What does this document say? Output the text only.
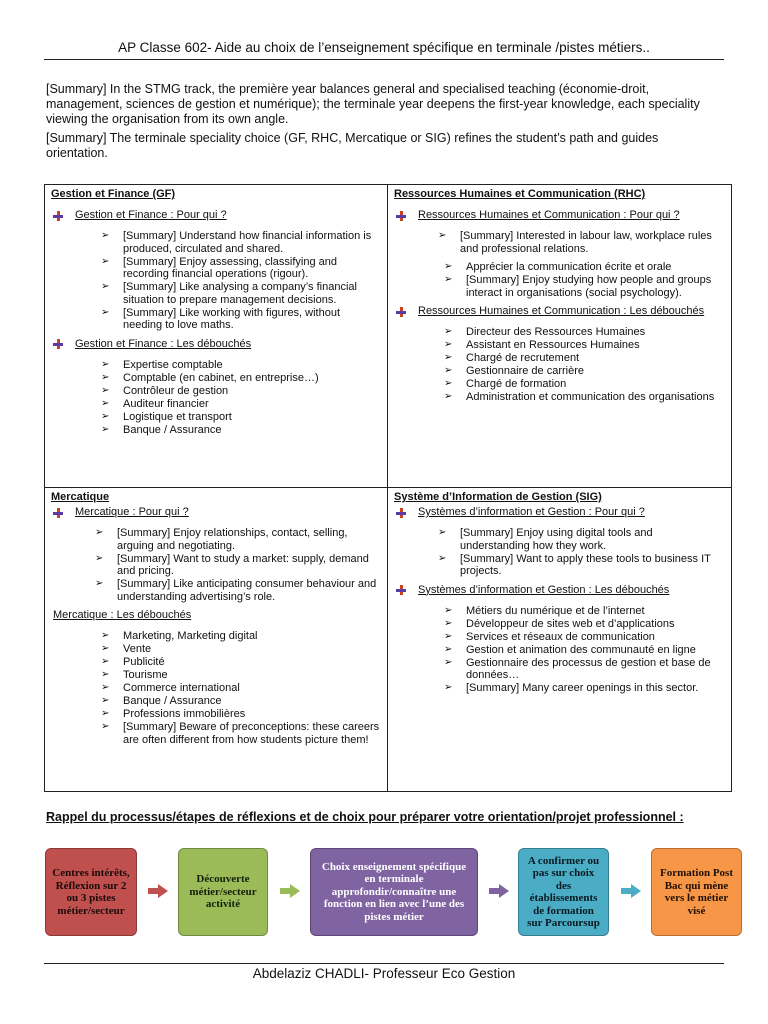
AP Classe 602- Aide au choix de l’enseignement spécifique en terminale /pistes métiers..

[Summary] In the STMG track, the première year balances general and specialised teaching (économie-droit, management, sciences de gestion et numérique); the terminale year deepens the first-year knowledge, each speciality viewing the organisation from its own angle.

[Summary] The terminale speciality choice (GF, RHC, Mercatique or SIG) refines the student’s path and guides orientation.

Gestion et Finance (GF)
Gestion et Finance : Pour qui ?
➢ [Summary] Understand how financial information is produced, circulated and shared.
➢ [Summary] Enjoy assessing, classifying and recording financial operations (rigour).
➢ [Summary] Like analysing a company’s financial situation to prepare management decisions.
➢ [Summary] Like working with figures, without needing to love maths.
Gestion et Finance : Les débouchés
➢ Expertise comptable
➢ Comptable (en cabinet, en entreprise…)
➢ Contrôleur de gestion
➢ Auditeur financier
➢ Logistique et transport
➢ Banque / Assurance
Ressources Humaines et Communication (RHC)
Ressources Humaines et Communication : Pour qui ?
➢ [Summary] Interested in labour law, workplace rules and professional relations.
➢ Apprécier la communication écrite et orale
➢ [Summary] Enjoy studying how people and groups interact in organisations (social psychology).
Ressources Humaines et Communication : Les débouchés
➢ Directeur des Ressources Humaines
➢ Assistant en Ressources Humaines
➢ Chargé de recrutement
➢ Gestionnaire de carrière
➢ Chargé de formation
➢ Administration et communication des organisations
Mercatique
Mercatique : Pour qui ?
➢ [Summary] Enjoy relationships, contact, selling, arguing and negotiating.
➢ [Summary] Want to study a market: supply, demand and pricing.
➢ [Summary] Like anticipating consumer behaviour and understanding advertising’s role.
Mercatique : Les débouchés
➢ Marketing, Marketing digital
➢ Vente
➢ Publicité
➢ Tourisme
➢ Commerce international
➢ Banque / Assurance
➢ Professions immobilières
➢ [Summary] Beware of preconceptions: these careers are often different from how students picture them!
Système d’Information de Gestion (SIG)
Systèmes d’information et Gestion : Pour qui ?
➢ [Summary] Enjoy using digital tools and understanding how they work.
➢ [Summary] Want to apply these tools to business IT projects.
Systèmes d’information et Gestion : Les débouchés
➢ Métiers du numérique et de l’internet
➢ Développeur de sites web et d’applications
➢ Services et réseaux de communication
➢ Gestion et animation des communauté en ligne
➢ Gestionnaire des processus de gestion et base de données…
➢ [Summary] Many career openings in this sector.
Rappel du processus/étapes de réflexions et de choix pour préparer votre orientation/projet professionnel :
Centres intérêts, Réflexion sur 2 ou 3 pistes métier/secteur
Découverte métier/secteur activité
Choix enseignement spécifique en terminale approfondir/connaître une fonction en lien avec l’une des pistes métier
A confirmer ou pas sur choix des établissements de formation sur Parcoursup
Formation Post Bac qui mène vers le métier visé
Abdelaziz CHADLI- Professeur Eco Gestion
